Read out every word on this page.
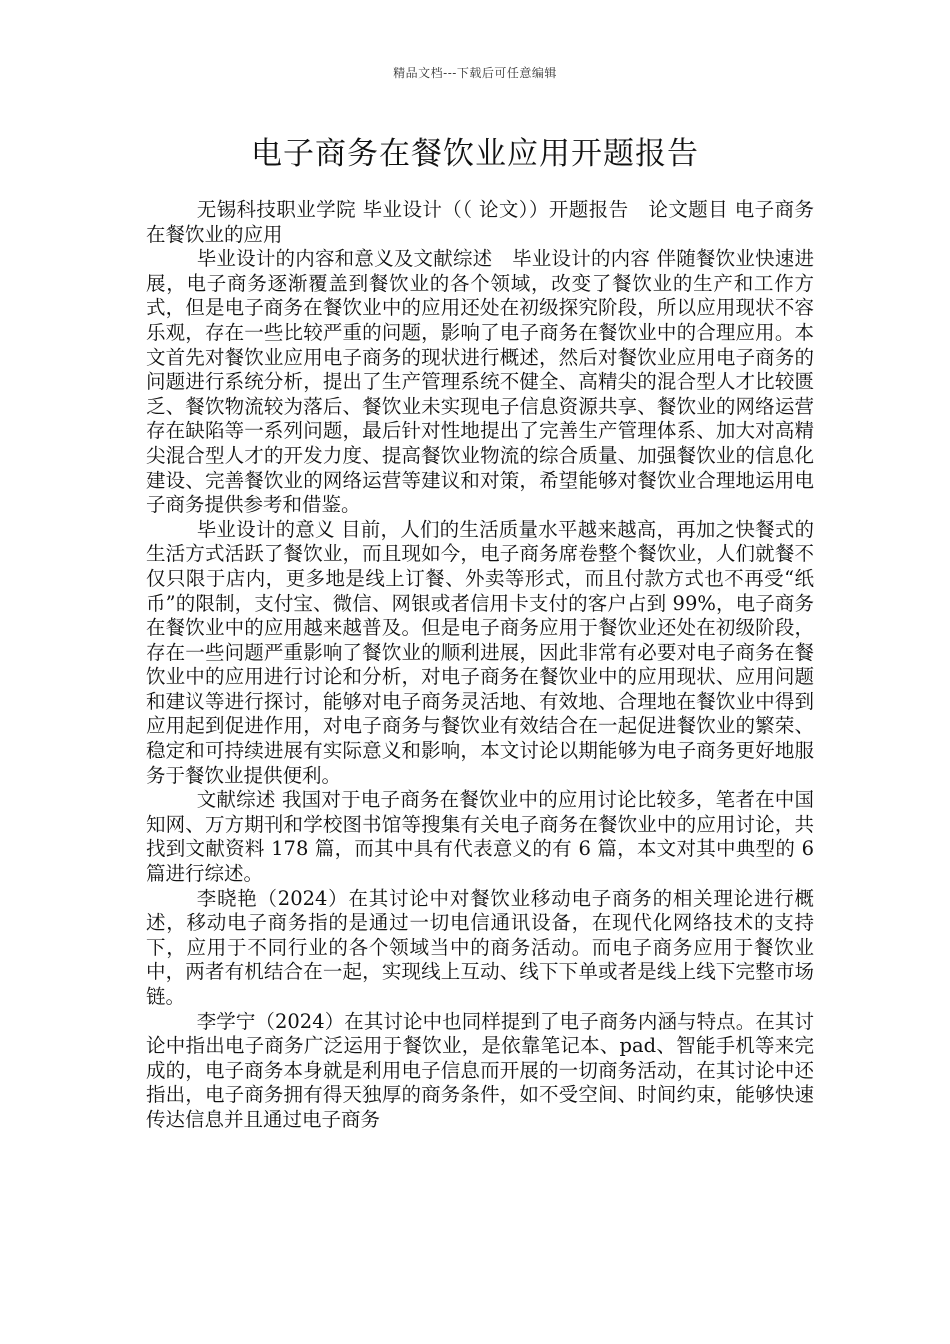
精品文档---下载后可任意编辑
电子商务在餐饮业应用开题报告

无锡科技职业学院 毕业设计（（ 论文））开题报告　论文题目 电子商务在餐饮业的应用

毕业设计的内容和意义及文献综述　毕业设计的内容 伴随餐饮业快速进展，电子商务逐渐覆盖到餐饮业的各个领域，改变了餐饮业的生产和工作方式，但是电子商务在餐饮业中的应用还处在初级探究阶段，所以应用现状不容乐观，存在一些比较严重的问题，影响了电子商务在餐饮业中的合理应用。本文首先对餐饮业应用电子商务的现状进行概述，然后对餐饮业应用电子商务的问题进行系统分析，提出了生产管理系统不健全、高精尖的混合型人才比较匮乏、餐饮物流较为落后、餐饮业未实现电子信息资源共享、餐饮业的网络运营存在缺陷等一系列问题，最后针对性地提出了完善生产管理体系、加大对高精尖混合型人才的开发力度、提高餐饮业物流的综合质量、加强餐饮业的信息化建设、完善餐饮业的网络运营等建议和对策，希望能够对餐饮业合理地运用电子商务提供参考和借鉴。

毕业设计的意义 目前，人们的生活质量水平越来越高，再加之快餐式的生活方式活跃了餐饮业，而且现如今，电子商务席卷整个餐饮业，人们就餐不仅只限于店内，更多地是线上订餐、外卖等形式，而且付款方式也不再受“纸币”的限制，支付宝、微信、网银或者信用卡支付的客户占到 99%，电子商务在餐饮业中的应用越来越普及。但是电子商务应用于餐饮业还处在初级阶段，存在一些问题严重影响了餐饮业的顺利进展，因此非常有必要对电子商务在餐饮业中的应用进行讨论和分析，对电子商务在餐饮业中的应用现状、应用问题和建议等进行探讨，能够对电子商务灵活地、有效地、合理地在餐饮业中得到应用起到促进作用，对电子商务与餐饮业有效结合在一起促进餐饮业的繁荣、稳定和可持续进展有实际意义和影响，本文讨论以期能够为电子商务更好地服务于餐饮业提供便利。

文献综述 我国对于电子商务在餐饮业中的应用讨论比较多，笔者在中国知网、万方期刊和学校图书馆等搜集有关电子商务在餐饮业中的应用讨论，共找到文献资料 178 篇，而其中具有代表意义的有 6 篇，本文对其中典型的 6 篇进行综述。

李晓艳（2024）在其讨论中对餐饮业移动电子商务的相关理论进行概述，移动电子商务指的是通过一切电信通讯设备，在现代化网络技术的支持下，应用于不同行业的各个领域当中的商务活动。而电子商务应用于餐饮业中，两者有机结合在一起，实现线上互动、线下下单或者是线上线下完整市场链。

李学宁（2024）在其讨论中也同样提到了电子商务内涵与特点。在其讨论中指出电子商务广泛运用于餐饮业，是依靠笔记本、pad、智能手机等来完成的，电子商务本身就是利用电子信息而开展的一切商务活动，在其讨论中还指出，电子商务拥有得天独厚的商务条件，如不受空间、时间约束，能够快速传达信息并且通过电子商务
